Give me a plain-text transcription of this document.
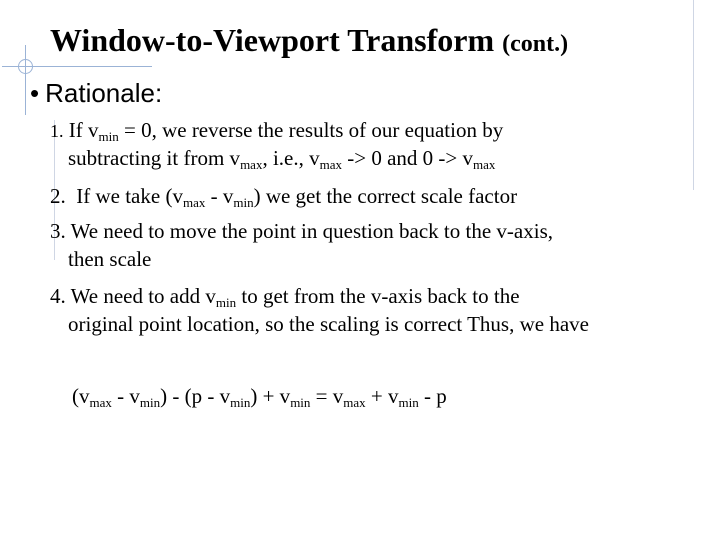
Window-to-Viewport Transform (cont.)
• Rationale:
1. If $v_{min} = 0$, we reverse the results of our equation by
subtracting it from $v_{max}$, i.e., $v_{max} -> 0$ and $0 -> v_{max}$
2. If we take $(v_{max} - v_{min})$ we get the correct scale factor
3. We need to move the point in question back to the v-axis,
then scale
4. We need to add $v_{min}$ to get from the v-axis back to the
original point location, so the scaling is correct Thus, we have
$(v_{max} - v_{min}) - (p - v_{min}) + v_{min} = v_{max} + v_{min} - p$
